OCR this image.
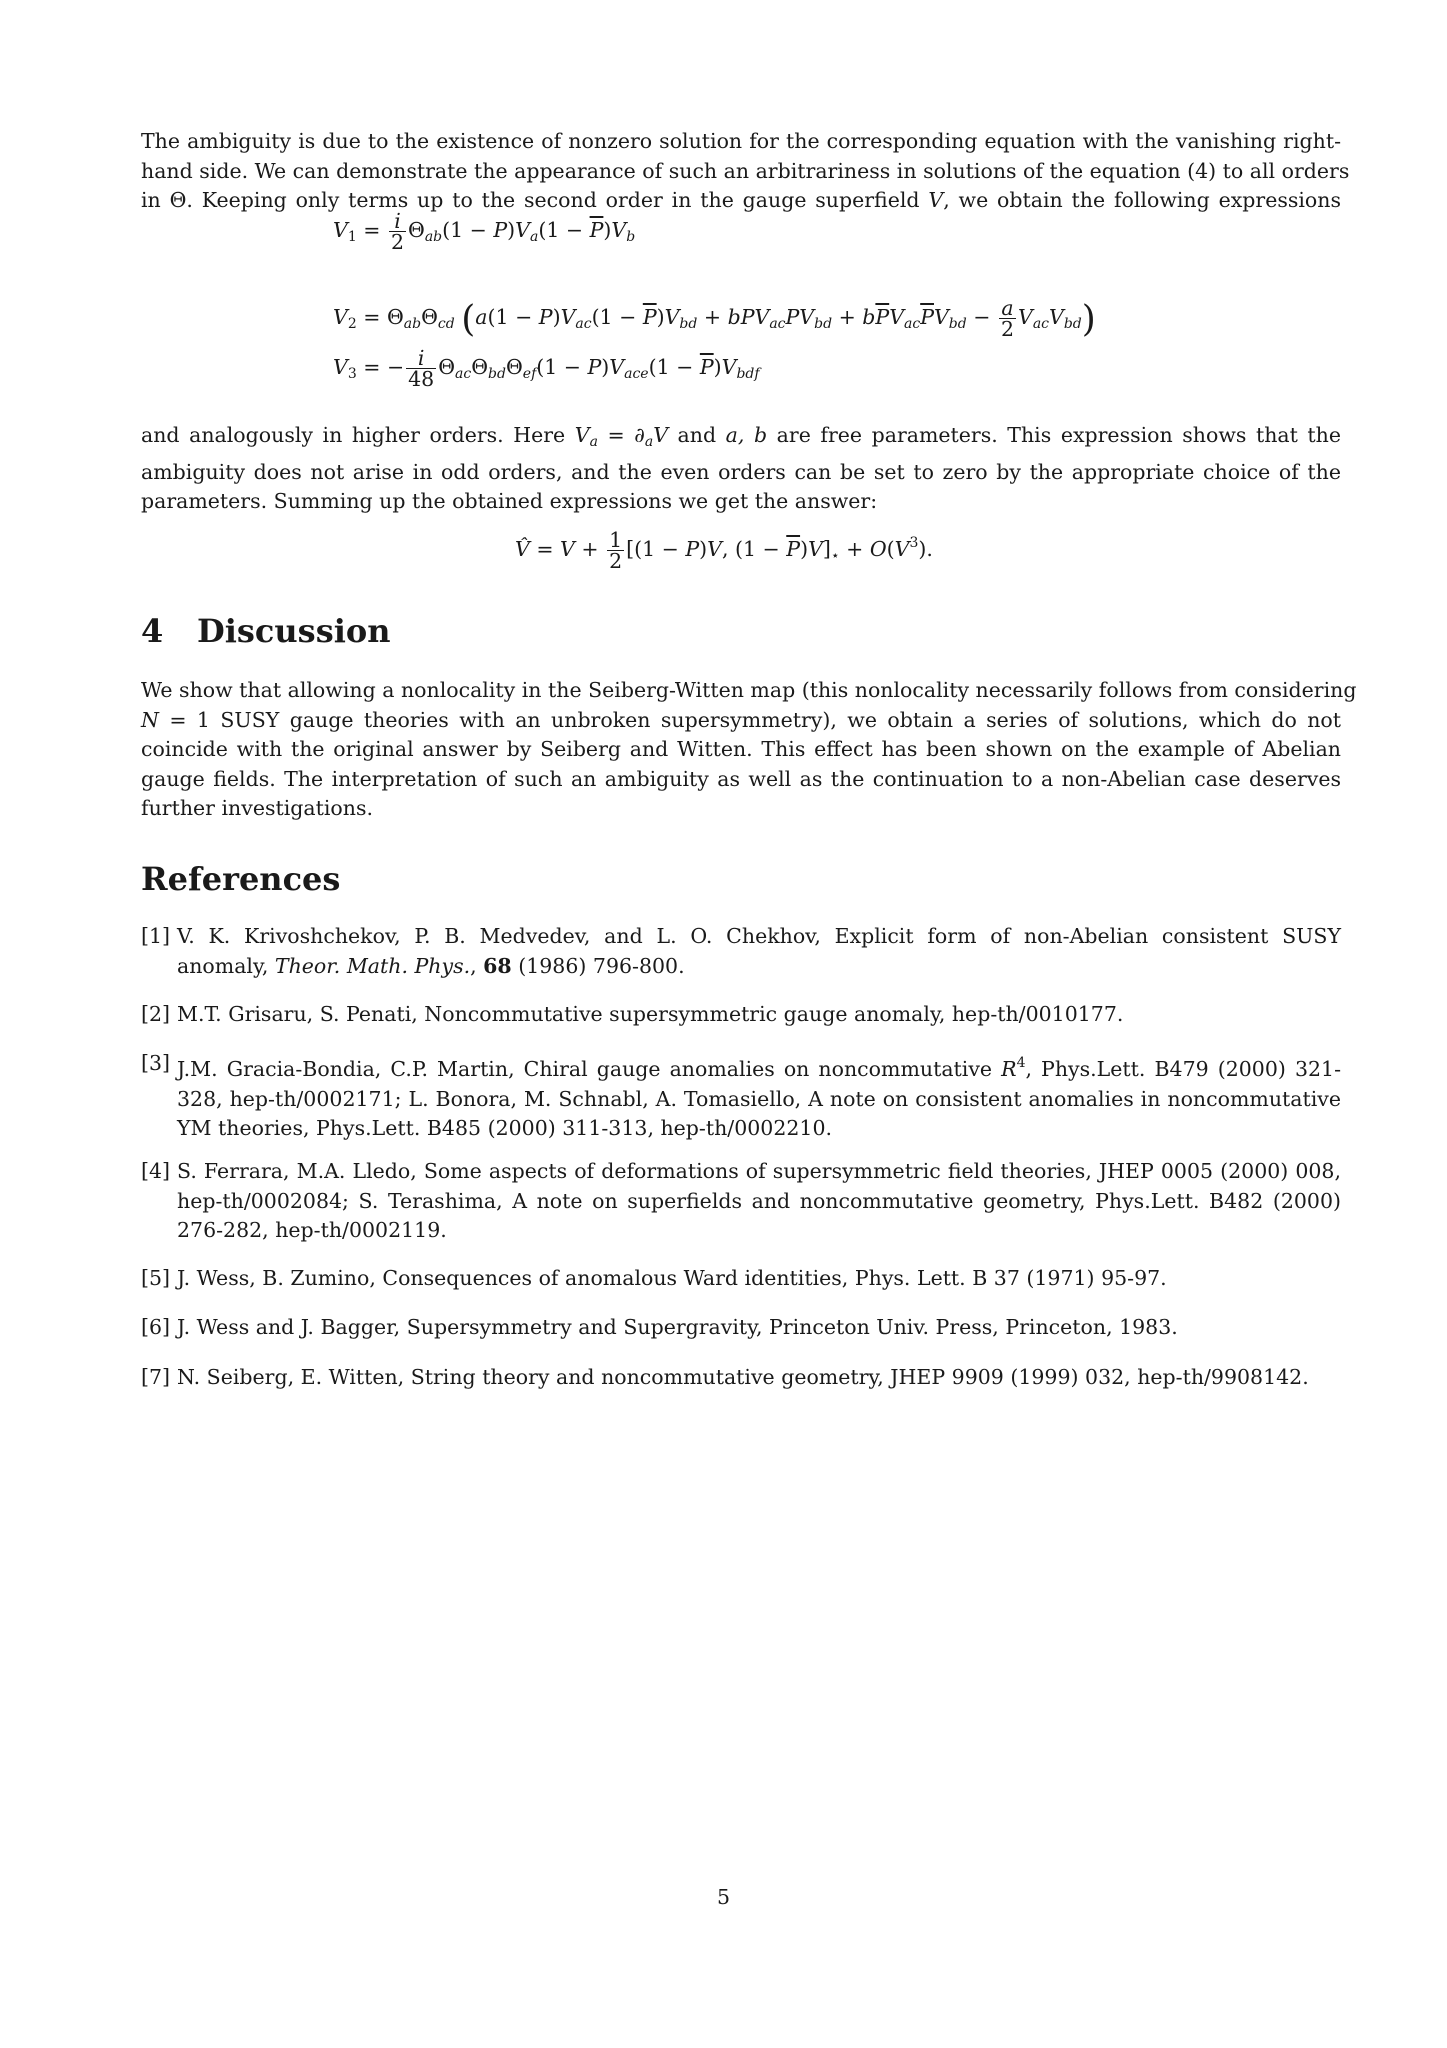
The ambiguity is due to the existence of nonzero solution for the corresponding equation with the vanishing right-
hand side. We can demonstrate the appearance of such an arbitrariness in solutions of the equation (4) to all orders
in Θ. Keeping only terms up to the second order in the gauge superfield V, we obtain the following expressions
$V_1 = \frac{i}{2} \Theta_{ab}(1 - P)V_a(1 - \overline{P})V_b$
$V_2 = \Theta_{ab}\Theta_{cd}$ $(a(1 - P)V_{ac}(1 - \overline{P})V_{bd} + bPV_{ac}PV_{bd} + b\overline{P}V_{ac}\overline{P}V_{bd} - \frac{a}{2} V_{ac}V_{bd})$
$V_3$ = − $\frac{i}{48} \Theta_{ac}\Theta_{bd}\Theta_{ef}(1 - P)V_{ace}(1 - \overline{P})V_{bdf}$
and analogously in higher orders. Here $V_a = \partial_aV$ and a, b are free parameters. This expression shows that the
ambiguity does not arise in odd orders, and the even orders can be set to zero by the appropriate choice of the
parameters. Summing up the obtained expressions we get the answer:
V̂ = $V + \frac{1}{2} [(1 - P)V$, $(1 - \overline{P})V]_⋆ + O(V^3)$.
4 Discussion
We show that allowing a nonlocality in the Seiberg-Witten map (this nonlocality necessarily follows from considering
N = 1 SUSY gauge theories with an unbroken supersymmetry), we obtain a series of solutions, which do not
coincide with the original answer by Seiberg and Witten. This effect has been shown on the example of Abelian
gauge fields. The interpretation of such an ambiguity as well as the continuation to a non-Abelian case deserves
further investigations.
References
[1] V. K. Krivoshchekov, P. B. Medvedev, and L. O. Chekhov, Explicit form of non-Abelian consistent SUSY
anomaly, Theor. Math. Phys., 68 (1986) 796-800.
[2] M.T. Grisaru, S. Penati, Noncommutative supersymmetric gauge anomaly, hep-th/0010177.
[3] J.M. Gracia-Bondia, C.P. Martin, Chiral gauge anomalies on noncommutative $R^4$, Phys.Lett. B479 (2000) 321-
328, hep-th/0002171; L. Bonora, M. Schnabl, A. Tomasiello, A note on consistent anomalies in noncommutative
YM theories, Phys.Lett. B485 (2000) 311-313, hep-th/0002210.
[4] S. Ferrara, M.A. Lledo, Some aspects of deformations of supersymmetric field theories, JHEP 0005 (2000) 008,
hep-th/0002084; S. Terashima, A note on superfields and noncommutative geometry, Phys.Lett. B482 (2000)
276-282, hep-th/0002119.
[5] J. Wess, B. Zumino, Consequences of anomalous Ward identities, Phys. Lett. B 37 (1971) 95-97.
[6] J. Wess and J. Bagger, Supersymmetry and Supergravity, Princeton Univ. Press, Princeton, 1983.
[7] N. Seiberg, E. Witten, String theory and noncommutative geometry, JHEP 9909 (1999) 032, hep-th/9908142.
5
